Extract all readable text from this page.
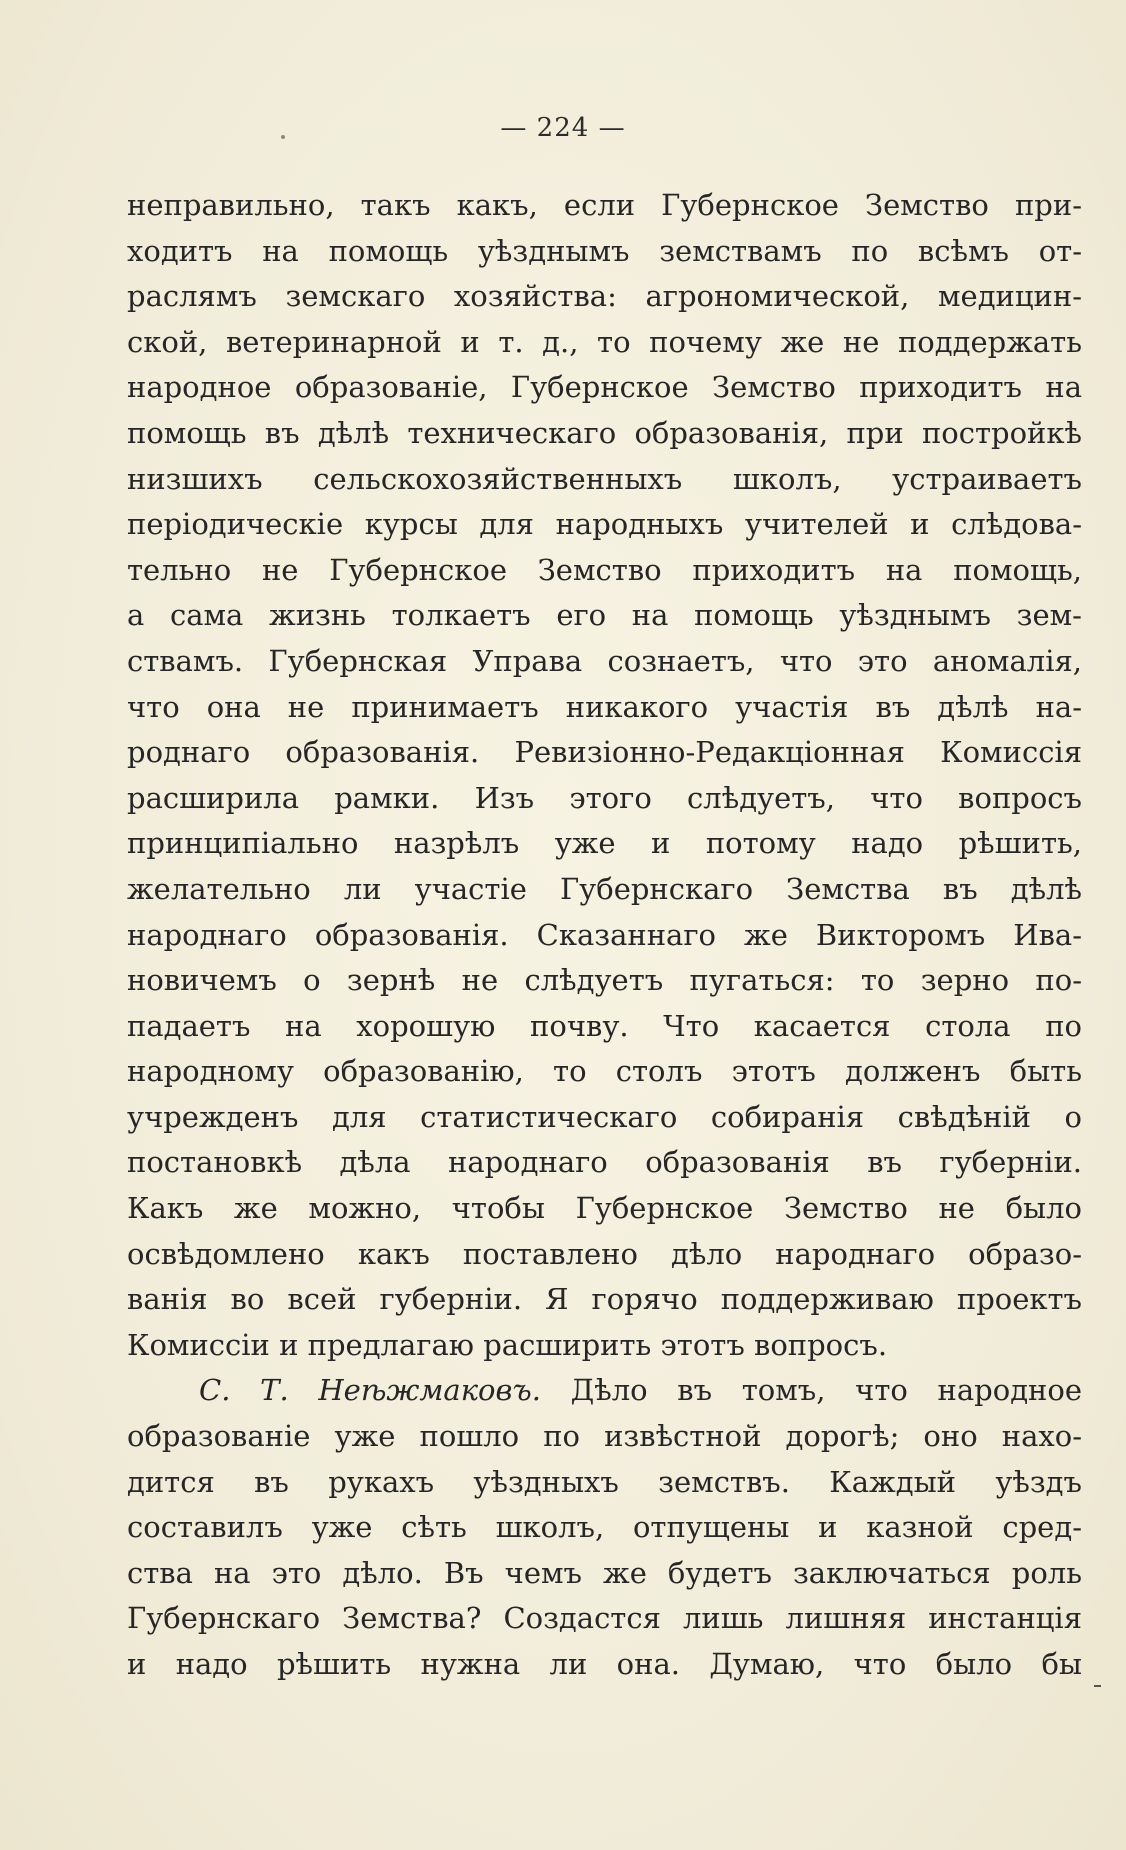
— 224 —
неправильно, такъ какъ, если Губернское Земство при-
ходитъ на помощь уѣзднымъ земствамъ по всѣмъ от-
раслямъ земскаго хозяйства: агрономической, медицин-
ской, ветеринарной и т. д., то почему же не поддержать
народное образованіе, Губернское Земство приходитъ на
помощь въ дѣлѣ техническаго образованія, при постройкѣ
низшихъ сельскохозяйственныхъ школъ, устраиваетъ
періодическіе курсы для народныхъ учителей и слѣдова-
тельно не Губернское Земство приходитъ на помощь,
а сама жизнь толкаетъ его на помощь уѣзднымъ зем-
ствамъ. Губернская Управа сознаетъ, что это аномалія,
что она не принимаетъ никакого участія въ дѣлѣ на-
роднаго образованія. Ревизіонно-Редакціонная Комиссія
расширила рамки. Изъ этого слѣдуетъ, что вопросъ
принципіально назрѣлъ уже и потому надо рѣшить,
желательно ли участіе Губернскаго Земства въ дѣлѣ
народнаго образованія. Сказаннаго же Викторомъ Ива-
новичемъ о зернѣ не слѣдуетъ пугаться: то зерно по-
падаетъ на хорошую почву. Что касается стола по
народному образованію, то столъ этотъ долженъ быть
учрежденъ для статистическаго собиранія свѣдѣній о
постановкѣ дѣла народнаго образованія въ губерніи.
Какъ же можно, чтобы Губернское Земство не было
освѣдомлено какъ поставлено дѣло народнаго образо-
ванія во всей губерніи. Я горячо поддерживаю проектъ
Комиссіи и предлагаю расширить этотъ вопросъ.
С. Т. Неѣжмаковъ. Дѣло въ томъ, что народное
образованіе уже пошло по извѣстной дорогѣ; оно нахо-
дится въ рукахъ уѣздныхъ земствъ. Каждый уѣздъ
составилъ уже сѣть школъ, отпущены и казной сред-
ства на это дѣло. Въ чемъ же будетъ заключаться роль
Губернскаго Земства? Создастся лишь лишняя инстанція
и надо рѣшить нужна ли она. Думаю, что было бы
